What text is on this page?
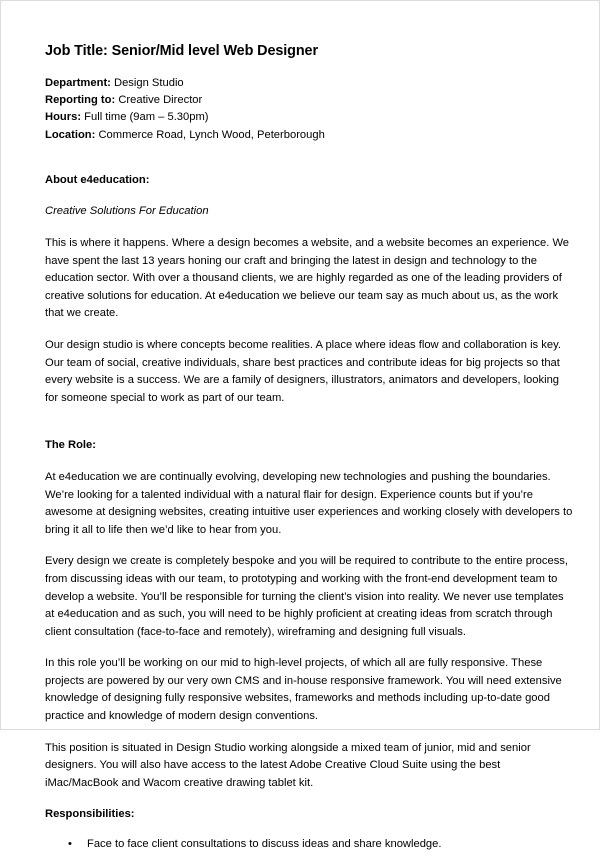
Job Title: Senior/Mid level Web Designer

Department: Design Studio

Reporting to: Creative Director

Hours: Full time (9am – 5.30pm)

Location: Commerce Road, Lynch Wood, Peterborough

About e4education:
Creative Solutions For Education

This is where it happens. Where a design becomes a website, and a website becomes an experience. We have spent the last 13 years honing our craft and bringing the latest in design and technology to the education sector. With over a thousand clients, we are highly regarded as one of the leading providers of creative solutions for education. At e4education we believe our team say as much about us, as the work that we create.

Our design studio is where concepts become realities. A place where ideas flow and collaboration is key. Our team of social, creative individuals, share best practices and contribute ideas for big projects so that every website is a success. We are a family of designers, illustrators, animators and developers, looking for someone special to work as part of our team.

The Role:

At e4education we are continually evolving, developing new technologies and pushing the boundaries. We’re looking for a talented individual with a natural flair for design. Experience counts but if you’re awesome at designing websites, creating intuitive user experiences and working closely with developers to bring it all to life then we’d like to hear from you.

Every design we create is completely bespoke and you will be required to contribute to the entire process, from discussing ideas with our team, to prototyping and working with the front-end development team to develop a website. You’ll be responsible for turning the client’s vision into reality. We never use templates at e4education and as such, you will need to be highly proficient at creating ideas from scratch through client consultation (face-to-face and remotely), wireframing and designing full visuals.

In this role you’ll be working on our mid to high-level projects, of which all are fully responsive. These projects are powered by our very own CMS and in-house responsive framework. You will need extensive knowledge of designing fully responsive websites, frameworks and methods including up-to-date good practice and knowledge of modern design conventions.

This position is situated in Design Studio working alongside a mixed team of junior, mid and senior designers. You will also have access to the latest Adobe Creative Cloud Suite using the best iMac/MacBook and Wacom creative drawing tablet kit.

Responsibilities:
• Face to face client consultations to discuss ideas and share knowledge.
